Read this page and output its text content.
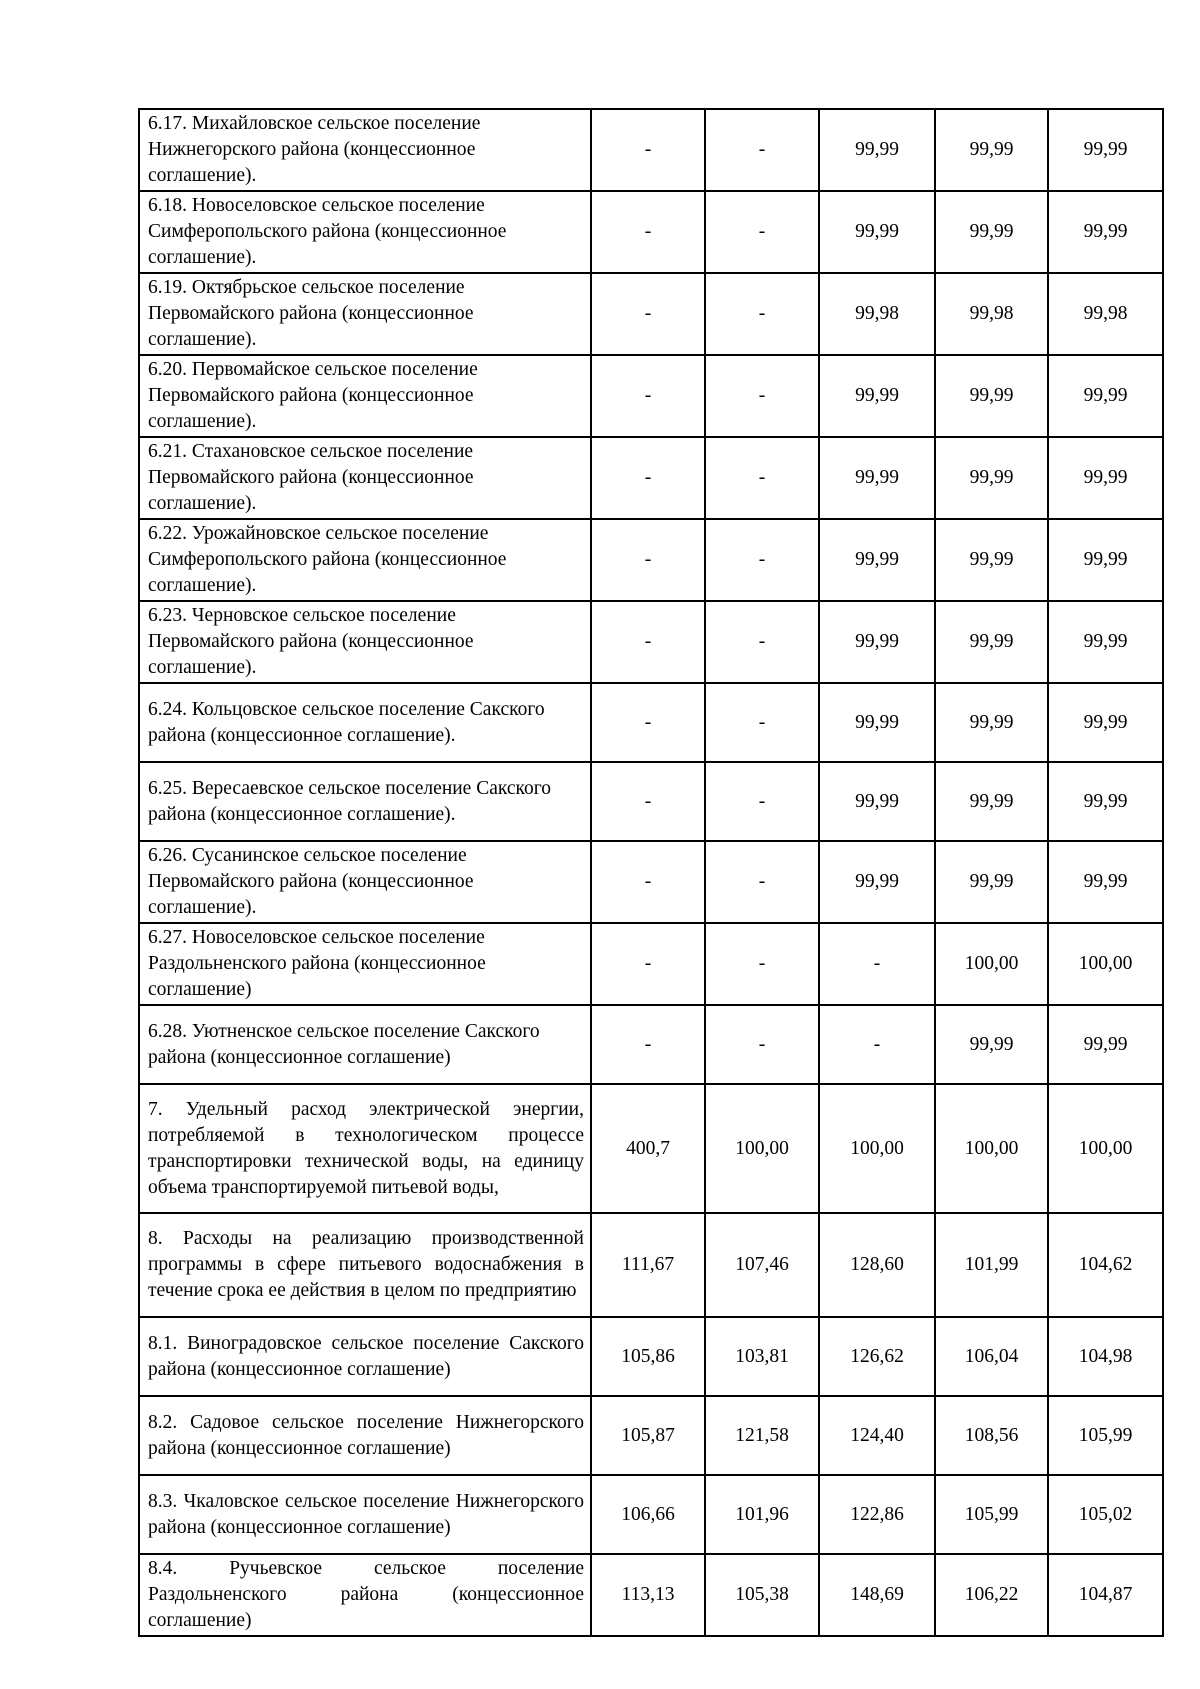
6.17. Михайловское сельское поселение Нижнегорского района (концессионное соглашение).	-	-	99,99	99,99	99,99
6.18. Новоселовское сельское поселение Симферопольского района (концессионное соглашение).	-	-	99,99	99,99	99,99
6.19. Октябрьское сельское поселение Первомайского района (концессионное соглашение).	-	-	99,98	99,98	99,98
6.20. Первомайское сельское поселение Первомайского района (концессионное соглашение).	-	-	99,99	99,99	99,99
6.21. Стахановское сельское поселение Первомайского района (концессионное соглашение).	-	-	99,99	99,99	99,99
6.22. Урожайновское сельское поселение Симферопольского района (концессионное соглашение).	-	-	99,99	99,99	99,99
6.23. Черновское сельское поселение Первомайского района (концессионное соглашение).	-	-	99,99	99,99	99,99
6.24. Кольцовское сельское поселение Сакского района (концессионное соглашение).	-	-	99,99	99,99	99,99
6.25. Вересаевское сельское поселение Сакского района (концессионное соглашение).	-	-	99,99	99,99	99,99
6.26. Сусанинское сельское поселение Первомайского района (концессионное соглашение).	-	-	99,99	99,99	99,99
6.27. Новоселовское сельское поселение Раздольненского района (концессионное соглашение)	-	-	-	100,00	100,00
6.28. Уютненское сельское поселение Сакского района (концессионное соглашение)	-	-	-	99,99	99,99
7. Удельный расход электрической энергии, потребляемой в технологическом процессе транспортировки технической воды, на единицу объема транспортируемой питьевой воды,	400,7	100,00	100,00	100,00	100,00
8. Расходы на реализацию производственной программы в сфере питьевого водоснабжения в течение срока ее действия в целом по предприятию	111,67	107,46	128,60	101,99	104,62
8.1. Виноградовское сельское поселение Сакского района (концессионное соглашение)	105,86	103,81	126,62	106,04	104,98
8.2. Садовое сельское поселение Нижнегорского района (концессионное соглашение)	105,87	121,58	124,40	108,56	105,99
8.3. Чкаловское сельское поселение Нижнегорского района (концессионное соглашение)	106,66	101,96	122,86	105,99	105,02
8.4. Ручьевское сельское поселение Раздольненского района (концессионное соглашение)	113,13	105,38	148,69	106,22	104,87
